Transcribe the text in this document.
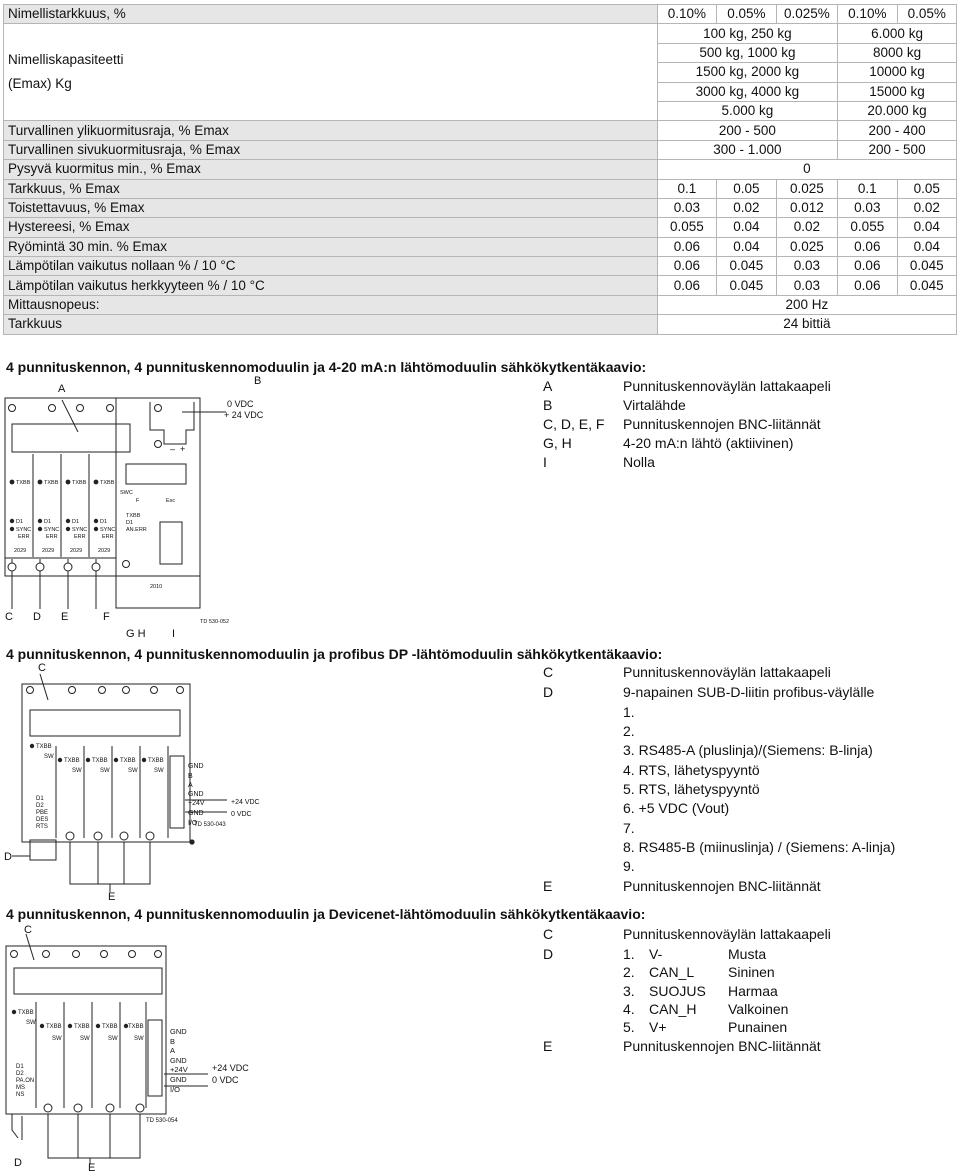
Nimellistarkkuus, %	0.10%	0.05%	0.025%	0.10%	0.05%

Nimelliskapasiteetti
(Emax) Kg	100 kg, 250 kg			6.000 kg	
	500 kg, 1000 kg			8000 kg	
	1500 kg, 2000 kg			10000 kg	
	3000 kg, 4000 kg			15000 kg	
	5.000 kg			20.000 kg	
Turvallinen ylikuormitusraja, % Emax	200 - 500			200 - 400	
Turvallinen sivukuormitusraja, % Emax	300 - 1.000			200 - 500	
Pysyvä kuormitus min., % Emax	0				
Tarkkuus, % Emax	0.1	0.05	0.025	0.1	0.05
Toistettavuus, % Emax	0.03	0.02	0.012	0.03	0.02
Hystereesi, % Emax	0.055	0.04	0.02	0.055	0.04
Ryömintä 30 min. % Emax	0.06	0.04	0.025	0.06	0.04
Lämpötilan vaikutus nollaan % / 10 °C	0.06	0.045	0.03	0.06	0.045
Lämpötilan vaikutus herkkyyteen % / 10 °C	0.06	0.045	0.03	0.06	0.045
Mittausnopeus:	200 Hz				
Tarkkuus	24 bittiä				
4 punnituskennon, 4 punnituskennomoduulin ja 4-20 mA:n lähtömoduulin sähkökytkentäkaavio:
A	Punnituskennoväylän lattakaapeli
B	Virtalähde
C, D, E, F Punnituskennojen BNC-liitännät
G, H	4-20 mA:n lähtö (aktiivinen)
I	Nolla
A
B
C D E	F
G H I
0 VDC
+ 24 VDC
– +
TXBB TXBB TXBB TXBB
D1
SYNC
ERR
D1
SYNC
ERR
D1
SYNC
ERR
D1
SYNC
ERR
2029	2029	2029	2029
SWC
F	Esc
TXBB
D1
AN.ERR
2010
TD 530-052
4 punnituskennon, 4 punnituskennomoduulin ja profibus DP -lähtömoduulin sähkökytkentäkaavio:
C	Punnituskennoväylän lattakaapeli
D	9-napainen SUB-D-liitin profibus-väylälle
1.
2.
3. RS485-A (pluslinja)/(Siemens: B-linja)
4. RTS, lähetyspyyntö
5. RTS, lähetyspyyntö
6. +5 VDC (Vout)
7.
8. RS485-B (miinuslinja) / (Siemens: A-linja)
9.
E	Punnituskennojen BNC-liitännät
C
D
E
TXBB
TXBB TXBB TXBB TXBB
SW
SW	SW	SW	SW
D1
D2
PBE
DES
RTS	TD 530-043
GND
B
A
GND
+24V
GND
I/O
+24 VDC
0 VDC
4 punnituskennon, 4 punnituskennomoduulin ja Devicenet-lähtömoduulin sähkökytkentäkaavio:
C	Punnituskennoväylän lattakaapeli
D	1. V-	Musta
2. CAN_L Sininen
3. SUOJUS Harmaa
4. CAN_H Valkoinen
5. V+	Punainen
E	Punnituskennojen BNC-liitännät
C
D	E
TXBB
TXBB TXBB TXBB TXBB
SW
SW	SW	SW	SW
D1
D2
PA.ON
MS
NS
TD 530-054
GND
B
A
GND
+24V
GND
I/O
+24 VDC
0 VDC
